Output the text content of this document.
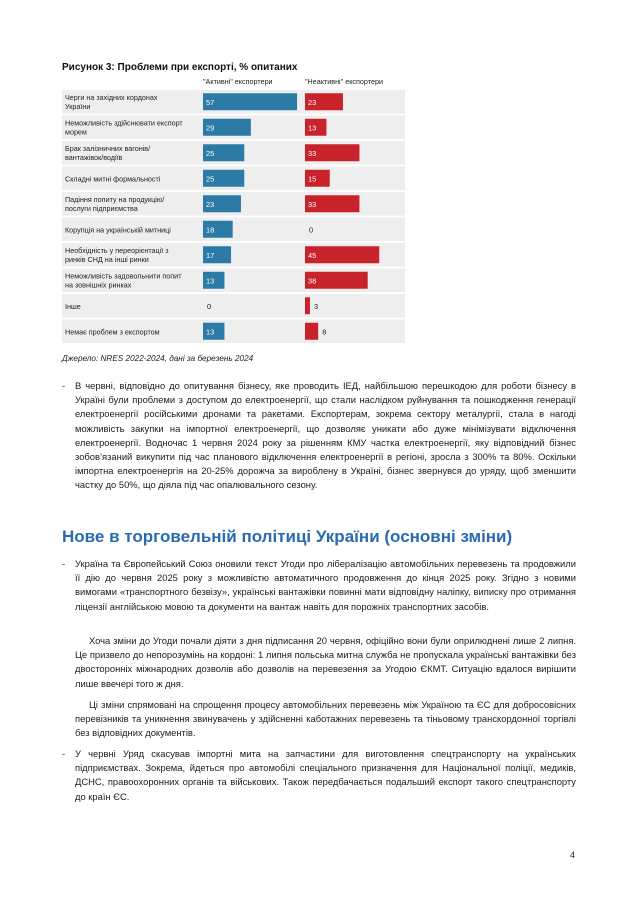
Рисунок 3: Проблеми при експорті, % опитаних
"Активні" експортери	"Неактивні" експортери
Черги на західних кордонах
України	57	23
Неможливість здійснювати експорт
морем	29	13
Брак залізничних вагонів/
вантажівок/водіїв	25	33
Складні митні формальності	25	15
Падіння попиту на продукцію/
послуги підприємства	23	33
Корупція на українській митниці	18	0
Необхідність у переорієнтації з
ринків СНД на інші ринки	17	45
Неможливість задовольнити попит
на зовнішніх ринках	13	38
Інше	0	3
Немає проблем з експортом	13	8
Джерело: NRES 2022-2024, дані за березень 2024
- В червні, відповідно до опитування бізнесу, яке проводить ІЕД, найбільшою перешкодою для роботи бізнесу в Україні були проблеми з доступом до електроенергії, що стали наслідком руйнування та пошкодження генерації електроенергії російськими дронами та ракетами. Експортерам, зокрема сектору металургії, стала в нагоді можливість закупки на імпортної електроенергії, що дозволяє уникати або дуже мінімізувати відключення електроенергії. Водночас 1 червня 2024 року за рішенням КМУ частка електроенергії, яку відповідний бізнес зобов’язаний викупити під час планового відключення електроенергії в регіоні, зросла з 300% та 80%. Оскільки імпортна електроенергія на 20-25% дорожча за вироблену в Україні, бізнес звернувся до уряду, щоб зменшити частку до 50%, що діяла під час опалювального сезону.
Нове в торговельній політиці України (основні зміни)
- Україна та Європейський Союз оновили текст Угоди про лібералізацію автомобільних перевезень та продовжили її дію до червня 2025 року з можливістю автоматичного продовження до кінця 2025 року. Згідно з новими вимогами «транспортного безвізу», українські вантажівки повинні мати відповідну наліпку, виписку про отримання ліцензії англійською мовою та документи на вантаж навіть для порожніх транспортних засобів.
Хоча зміни до Угоди почали діяти з дня підписання 20 червня, офіційно вони були оприлюднені лише 2 липня. Це призвело до непорозумінь на кордоні: 1 липня польська митна служба не пропускала українські вантажівки без двосторонніх міжнародних дозволів або дозволів на перевезення за Угодою ЄКМТ. Ситуацію вдалося вирішити лише ввечері того ж дня.
Ці зміни спрямовані на спрощення процесу автомобільних перевезень між Україною та ЄС для добросовісних перевізників та уникнення звинувачень у здійсненні каботажних перевезень та тіньовому транскордонної торгівлі без відповідних документів.
- У червні Уряд скасував імпортні мита на запчастини для виготовлення спецтранспорту на українських підприємствах. Зокрема, йдеться про автомобілі спеціального призначення для Національної поліції, медиків, ДСНС, правоохоронних органів та військових. Також передбачається подальший експорт такого спецтранспорту до країн ЄС.
4
